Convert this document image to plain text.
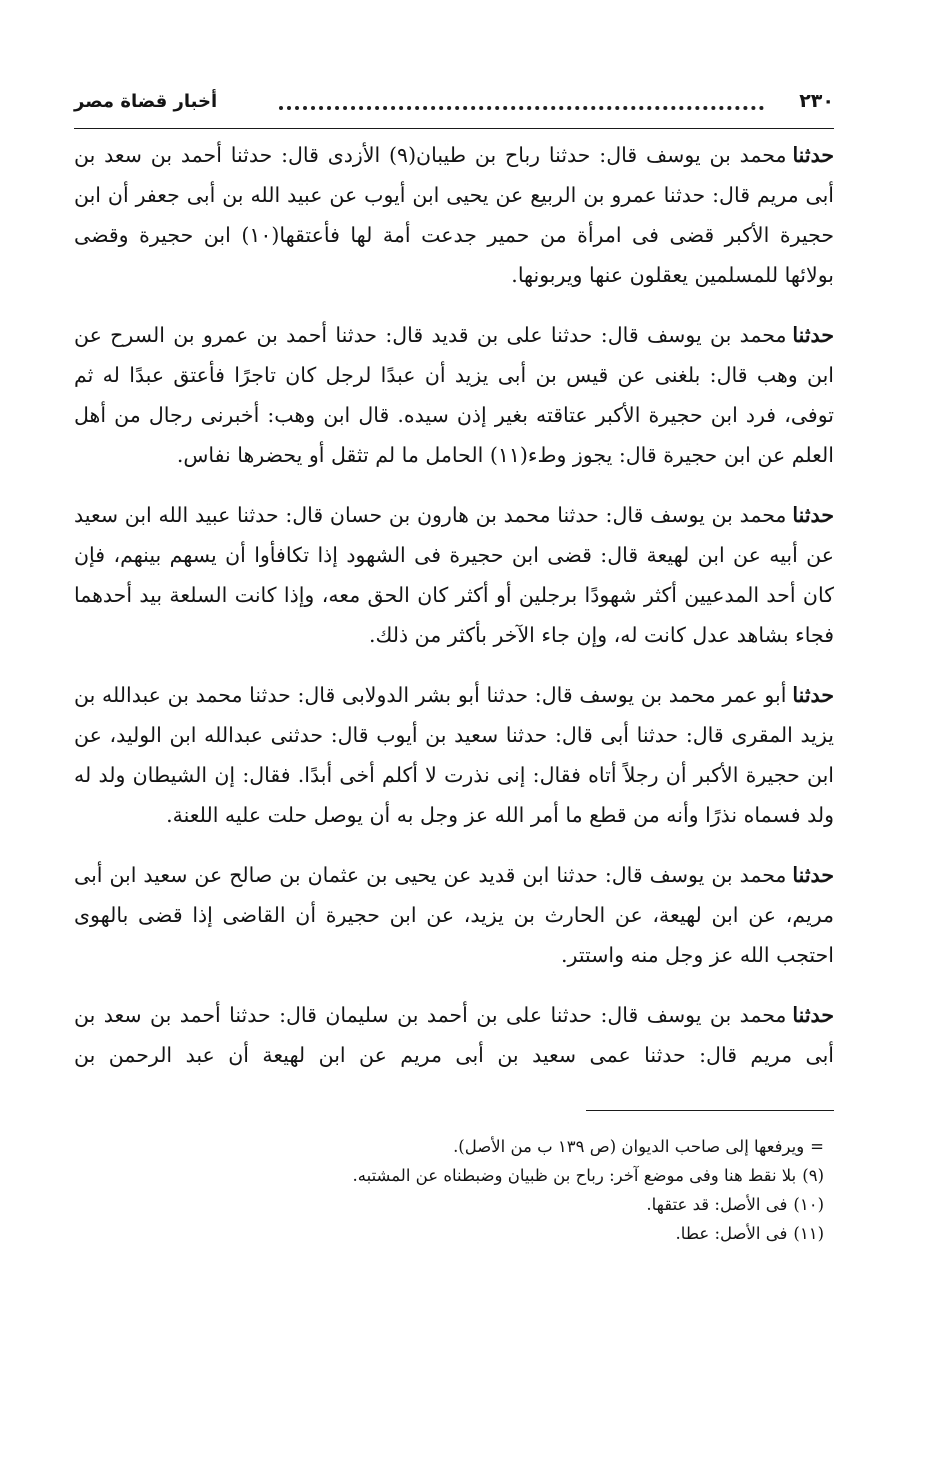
٢٣٠
أخبار قضاة مصر

حدثنامحمد بن يوسف قال: حدثنا رباح بن طيبان(٩) الأزدى قال: حدثنا أحمد بن سعد بن أبى مريم قال: حدثنا عمرو بن الربيع عن يحيى ابن أيوب عن عبيد الله بن أبى جعفر أن ابن حجيرة الأكبر قضى فى امرأة من حمير جدعت أمة لها فأعتقها(١٠) ابن حجيرة وقضى بولائها للمسلمين يعقلون عنها ويربونها.

حدثنامحمد بن يوسف قال: حدثنا على بن قديد قال: حدثنا أحمد بن عمرو بن السرح عن ابن وهب قال: بلغنى عن قيس بن أبى يزيد أن عبدًا لرجل كان تاجرًا فأعتق عبدًا له ثم توفى، فرد ابن حجيرة الأكبر عتاقته بغير إذن سيده. قال ابن وهب: أخبرنى رجال من أهل العلم عن ابن حجيرة قال: يجوز وطء(١١) الحامل ما لم تثقل أو يحضرها نفاس.

حدثنامحمد بن يوسف قال: حدثنا محمد بن هارون بن حسان قال: حدثنا عبيد الله ابن سعيد عن أبيه عن ابن لهيعة قال: قضى ابن حجيرة فى الشهود إذا تكافأوا أن يسهم بينهم، فإن كان أحد المدعيين أكثر شهودًا برجلين أو أكثر كان الحق معه، وإذا كانت السلعة بيد أحدهما فجاء بشاهد عدل كانت له، وإن جاء الآخر بأكثر من ذلك.

حدثناأبو عمر محمد بن يوسف قال: حدثنا أبو بشر الدولابى قال: حدثنا محمد بن عبدالله بن يزيد المقرى قال: حدثنا أبى قال: حدثنا سعيد بن أيوب قال: حدثنى عبدالله ابن الوليد، عن ابن حجيرة الأكبر أن رجلاً أتاه فقال: إنى نذرت لا أكلم أخى أبدًا. فقال: إن الشيطان ولد له ولد فسماه نذرًا وأنه من قطع ما أمر الله عز وجل به أن يوصل حلت عليه اللعنة.

حدثنامحمد بن يوسف قال: حدثنا ابن قديد عن يحيى بن عثمان بن صالح عن سعيد ابن أبى مريم، عن ابن لهيعة، عن الحارث بن يزيد، عن ابن حجيرة أن القاضى إذا قضى بالهوى احتجب الله عز وجل منه واستتر.

حدثنامحمد بن يوسف قال: حدثنا على بن أحمد بن سليمان قال: حدثنا أحمد بن سعد بن أبى مريم قال: حدثنا عمى سعيد بن أبى مريم عن ابن لهيعة أن عبد الرحمن بن

=ويرفعها إلى صاحب الديوان (ص ١٣٩ ب من الأصل).

(٩)بلا نقط هنا وفى موضع آخر: رباح بن ظبيان وضبطناه عن المشتبه.

(١٠)فى الأصل: قد عتقها.

(١١)فى الأصل: عطا.
